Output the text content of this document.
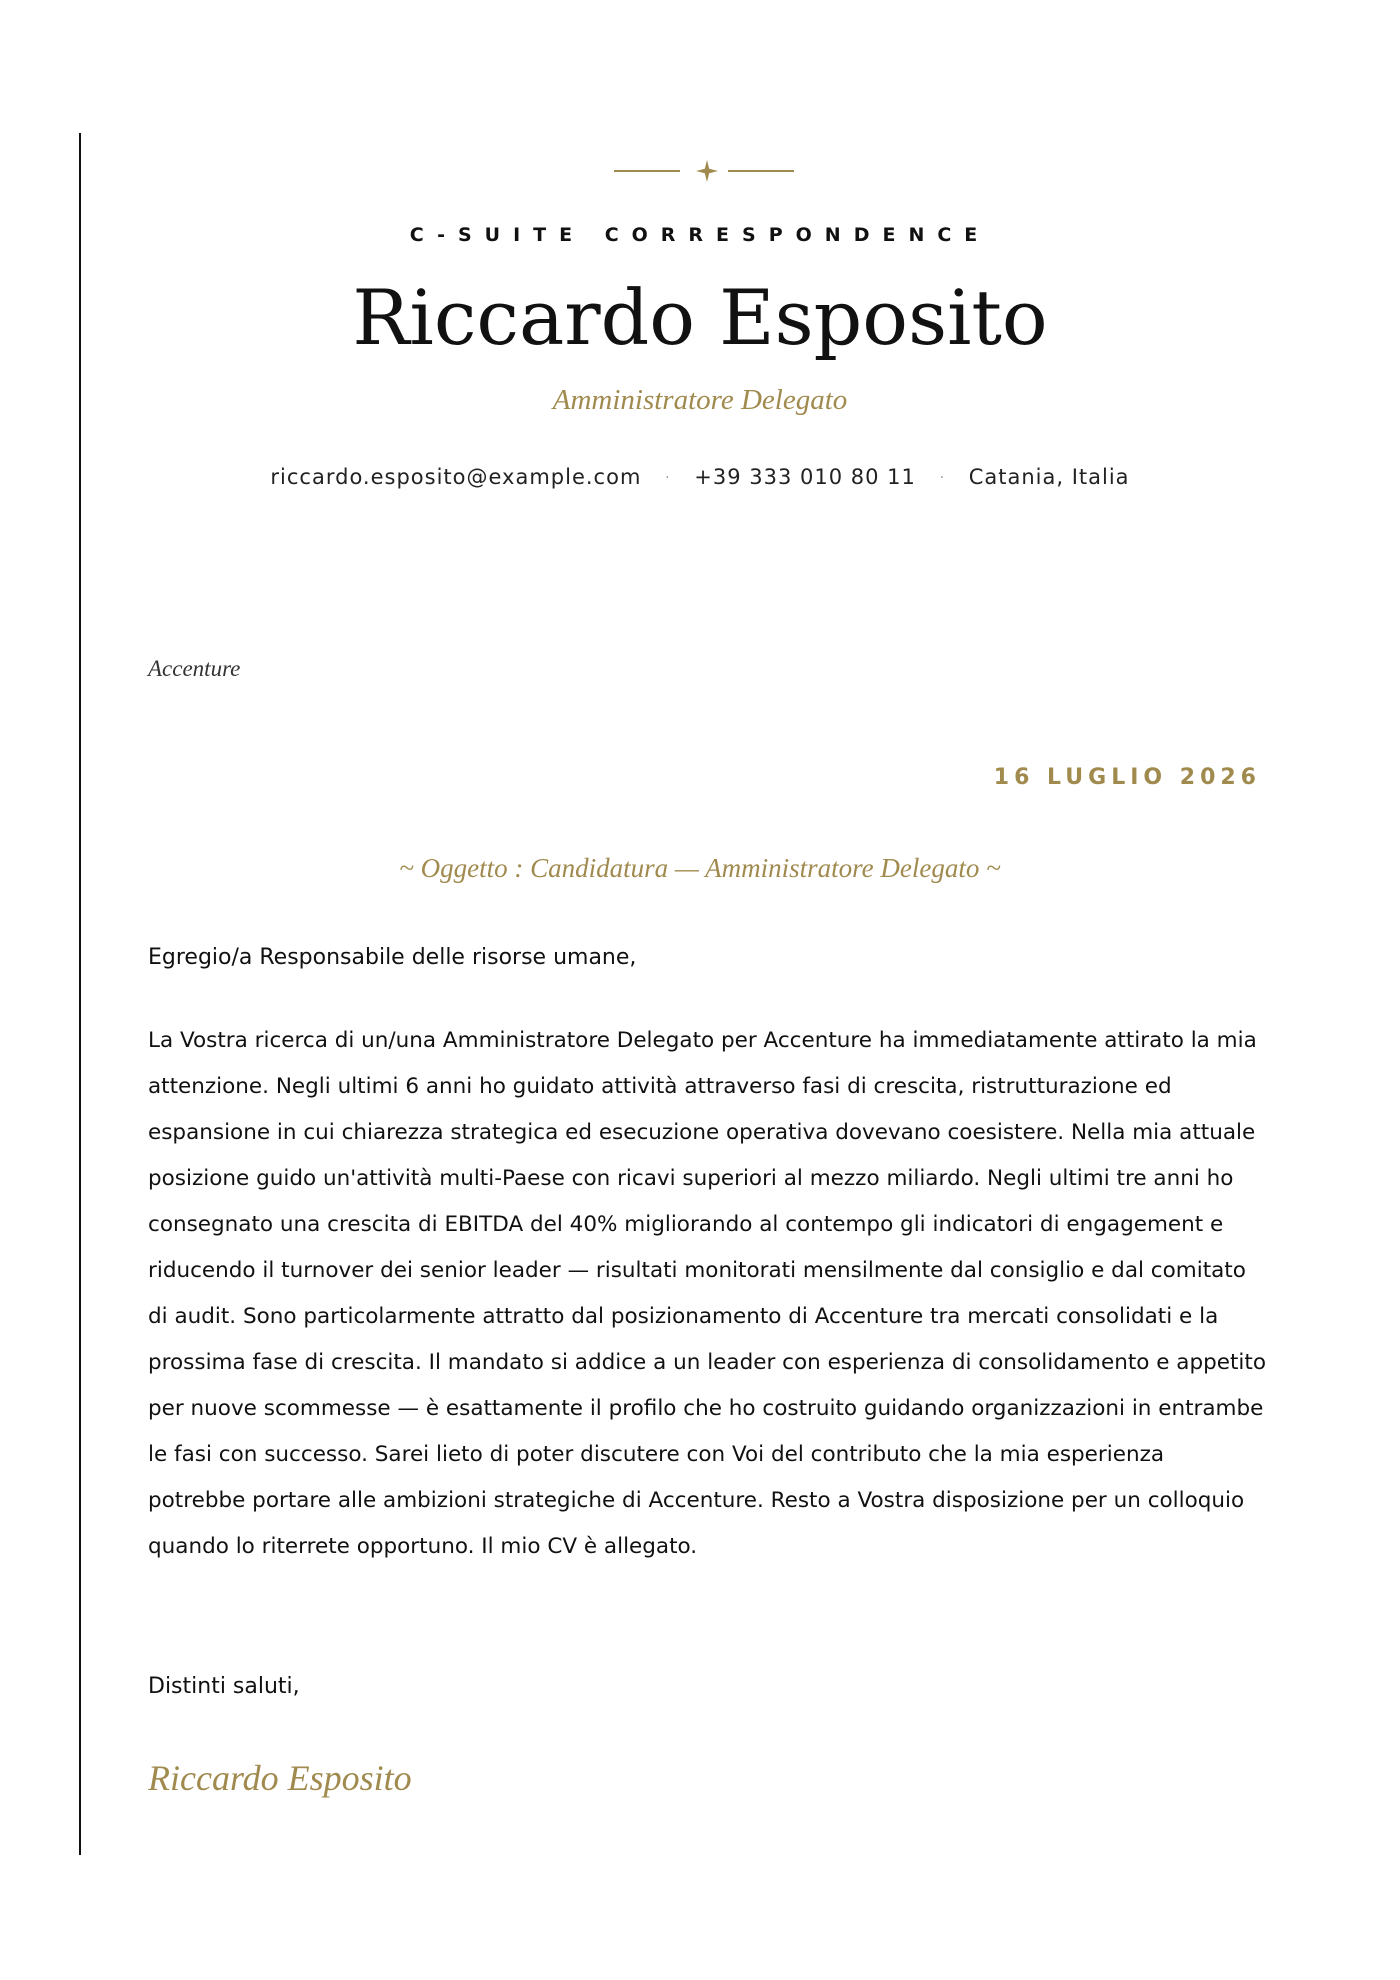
C-SUITE CORRESPONDENCE
Riccardo Esposito
Amministratore Delegato
riccardo.esposito@example.com · +39 333 010 80 11 · Catania, Italia
Accenture
16 LUGLIO 2026
~ Oggetto : Candidatura — Amministratore Delegato ~
Egregio/a Responsabile delle risorse umane,

La Vostra ricerca di un/una Amministratore Delegato per Accenture ha immediatamente attirato la mia attenzione. Negli ultimi 6 anni ho guidato attività attraverso fasi di crescita, ristrutturazione ed espansione in cui chiarezza strategica ed esecuzione operativa dovevano coesistere. Nella mia attuale posizione guido un'attività multi-Paese con ricavi superiori al mezzo miliardo. Negli ultimi tre anni ho consegnato una crescita di EBITDA del 40% migliorando al contempo gli indicatori di engagement e riducendo il turnover dei senior leader — risultati monitorati mensilmente dal consiglio e dal comitato di audit. Sono particolarmente attratto dal posizionamento di Accenture tra mercati consolidati e la prossima fase di crescita. Il mandato si addice a un leader con esperienza di consolidamento e appetito per nuove scommesse — è esattamente il profilo che ho costruito guidando organizzazioni in entrambe le fasi con successo. Sarei lieto di poter discutere con Voi del contributo che la mia esperienza potrebbe portare alle ambizioni strategiche di Accenture. Resto a Vostra disposizione per un colloquio quando lo riterrete opportuno. Il mio CV è allegato.

Distinti saluti,
Riccardo Esposito
